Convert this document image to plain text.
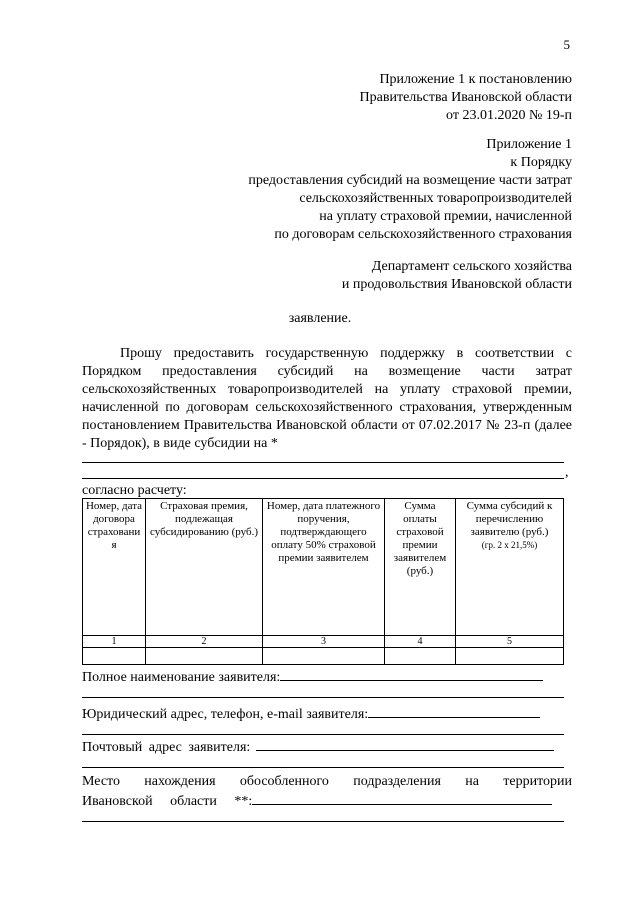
5
Приложение 1 к постановлению
Правительства Ивановской области
от 23.01.2020 № 19-п
Приложение 1
к Порядку
предоставления субсидий на возмещение части затрат
сельскохозяйственных товаропроизводителей
на уплату страховой премии, начисленной
по договорам сельскохозяйственного страхования
Департамент сельского хозяйства
и продовольствия Ивановской области
заявление.

Прошу предоставить государственную поддержку в соответствии с Порядком предоставления субсидий на возмещение части затрат сельскохозяйственных товаропроизводителей на уплату страховой премии, начисленной по договорам сельскохозяйственного страхования, утвержденным постановлением Правительства Ивановской области от 07.02.2017 № 23-п (далее - Порядок), в виде субсидии на *

,
согласно расчету:
Номер, дата договора страховани я	Страховая премия, подлежащая субсидированию (руб.)	Номер, дата платежного поручения, подтверждающего оплату 50% страховой премии заявителем	Сумма оплаты страховой премии заявителем (руб.)	Сумма субсидий к перечислению заявителю (руб.)
(гр. 2 х 21,5%)

1	2	3	4	5

Полное наименование заявителя:
Юридический адрес, телефон, e-mail заявителя:
Почтовый адрес заявителя:
Место нахождения обособленного подразделения на территории
Ивановской области **:
